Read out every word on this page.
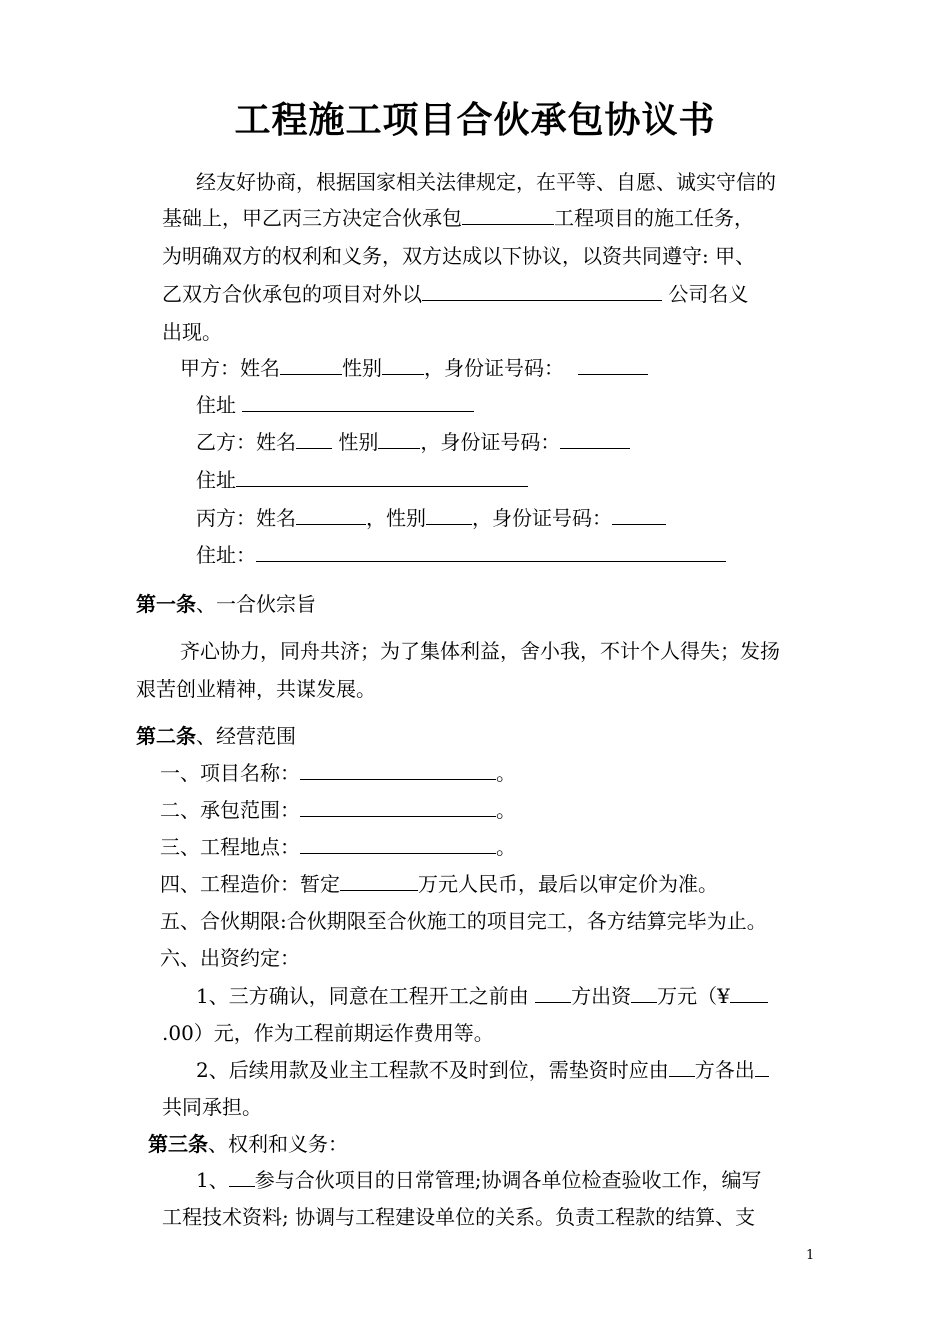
工程施工项目合伙承包协议书
经友好协商，根据国家相关法律规定，在平等、自愿、诚实守信的
基础上，甲乙丙三方决定合伙承包	工程项目的施工任务，
为明确双方的权利和义务，双方达成以下协议，以资共同遵守: 甲、
乙双方合伙承包的项目对外以	公司名义
出现。
甲方：姓名	性别 ，身份证号码：
住址
乙方：姓名 性别 ，身份证号码：
住址
丙方：姓名	，性别 ，身份证号码：
住址：
第一条、一合伙宗旨
齐心协力，同舟共济；为了集体利益，舍小我，不计个人得失；发扬
艰苦创业精神，共谋发展。
第二条、经营范围
一、项目名称：	。
二、承包范围：	。
三、工程地点：	。
四、工程造价：暂定	万元人民币，最后以审定价为准。
五、合伙期限:合伙期限至合伙施工的项目完工，各方结算完毕为止。
六、出资约定：
1、三方确认，同意在工程开工之前由 方出资 万元（¥
.00）元，作为工程前期运作费用等。
2、后续用款及业主工程款不及时到位，需垫资时应由 方各出
共同承担。
第三条、权利和义务：
1、 参与合伙项目的日常管理;协调各单位检查验收工作，编写
工程技术资料; 协调与工程建设单位的关系。负责工程款的结算、支
1
